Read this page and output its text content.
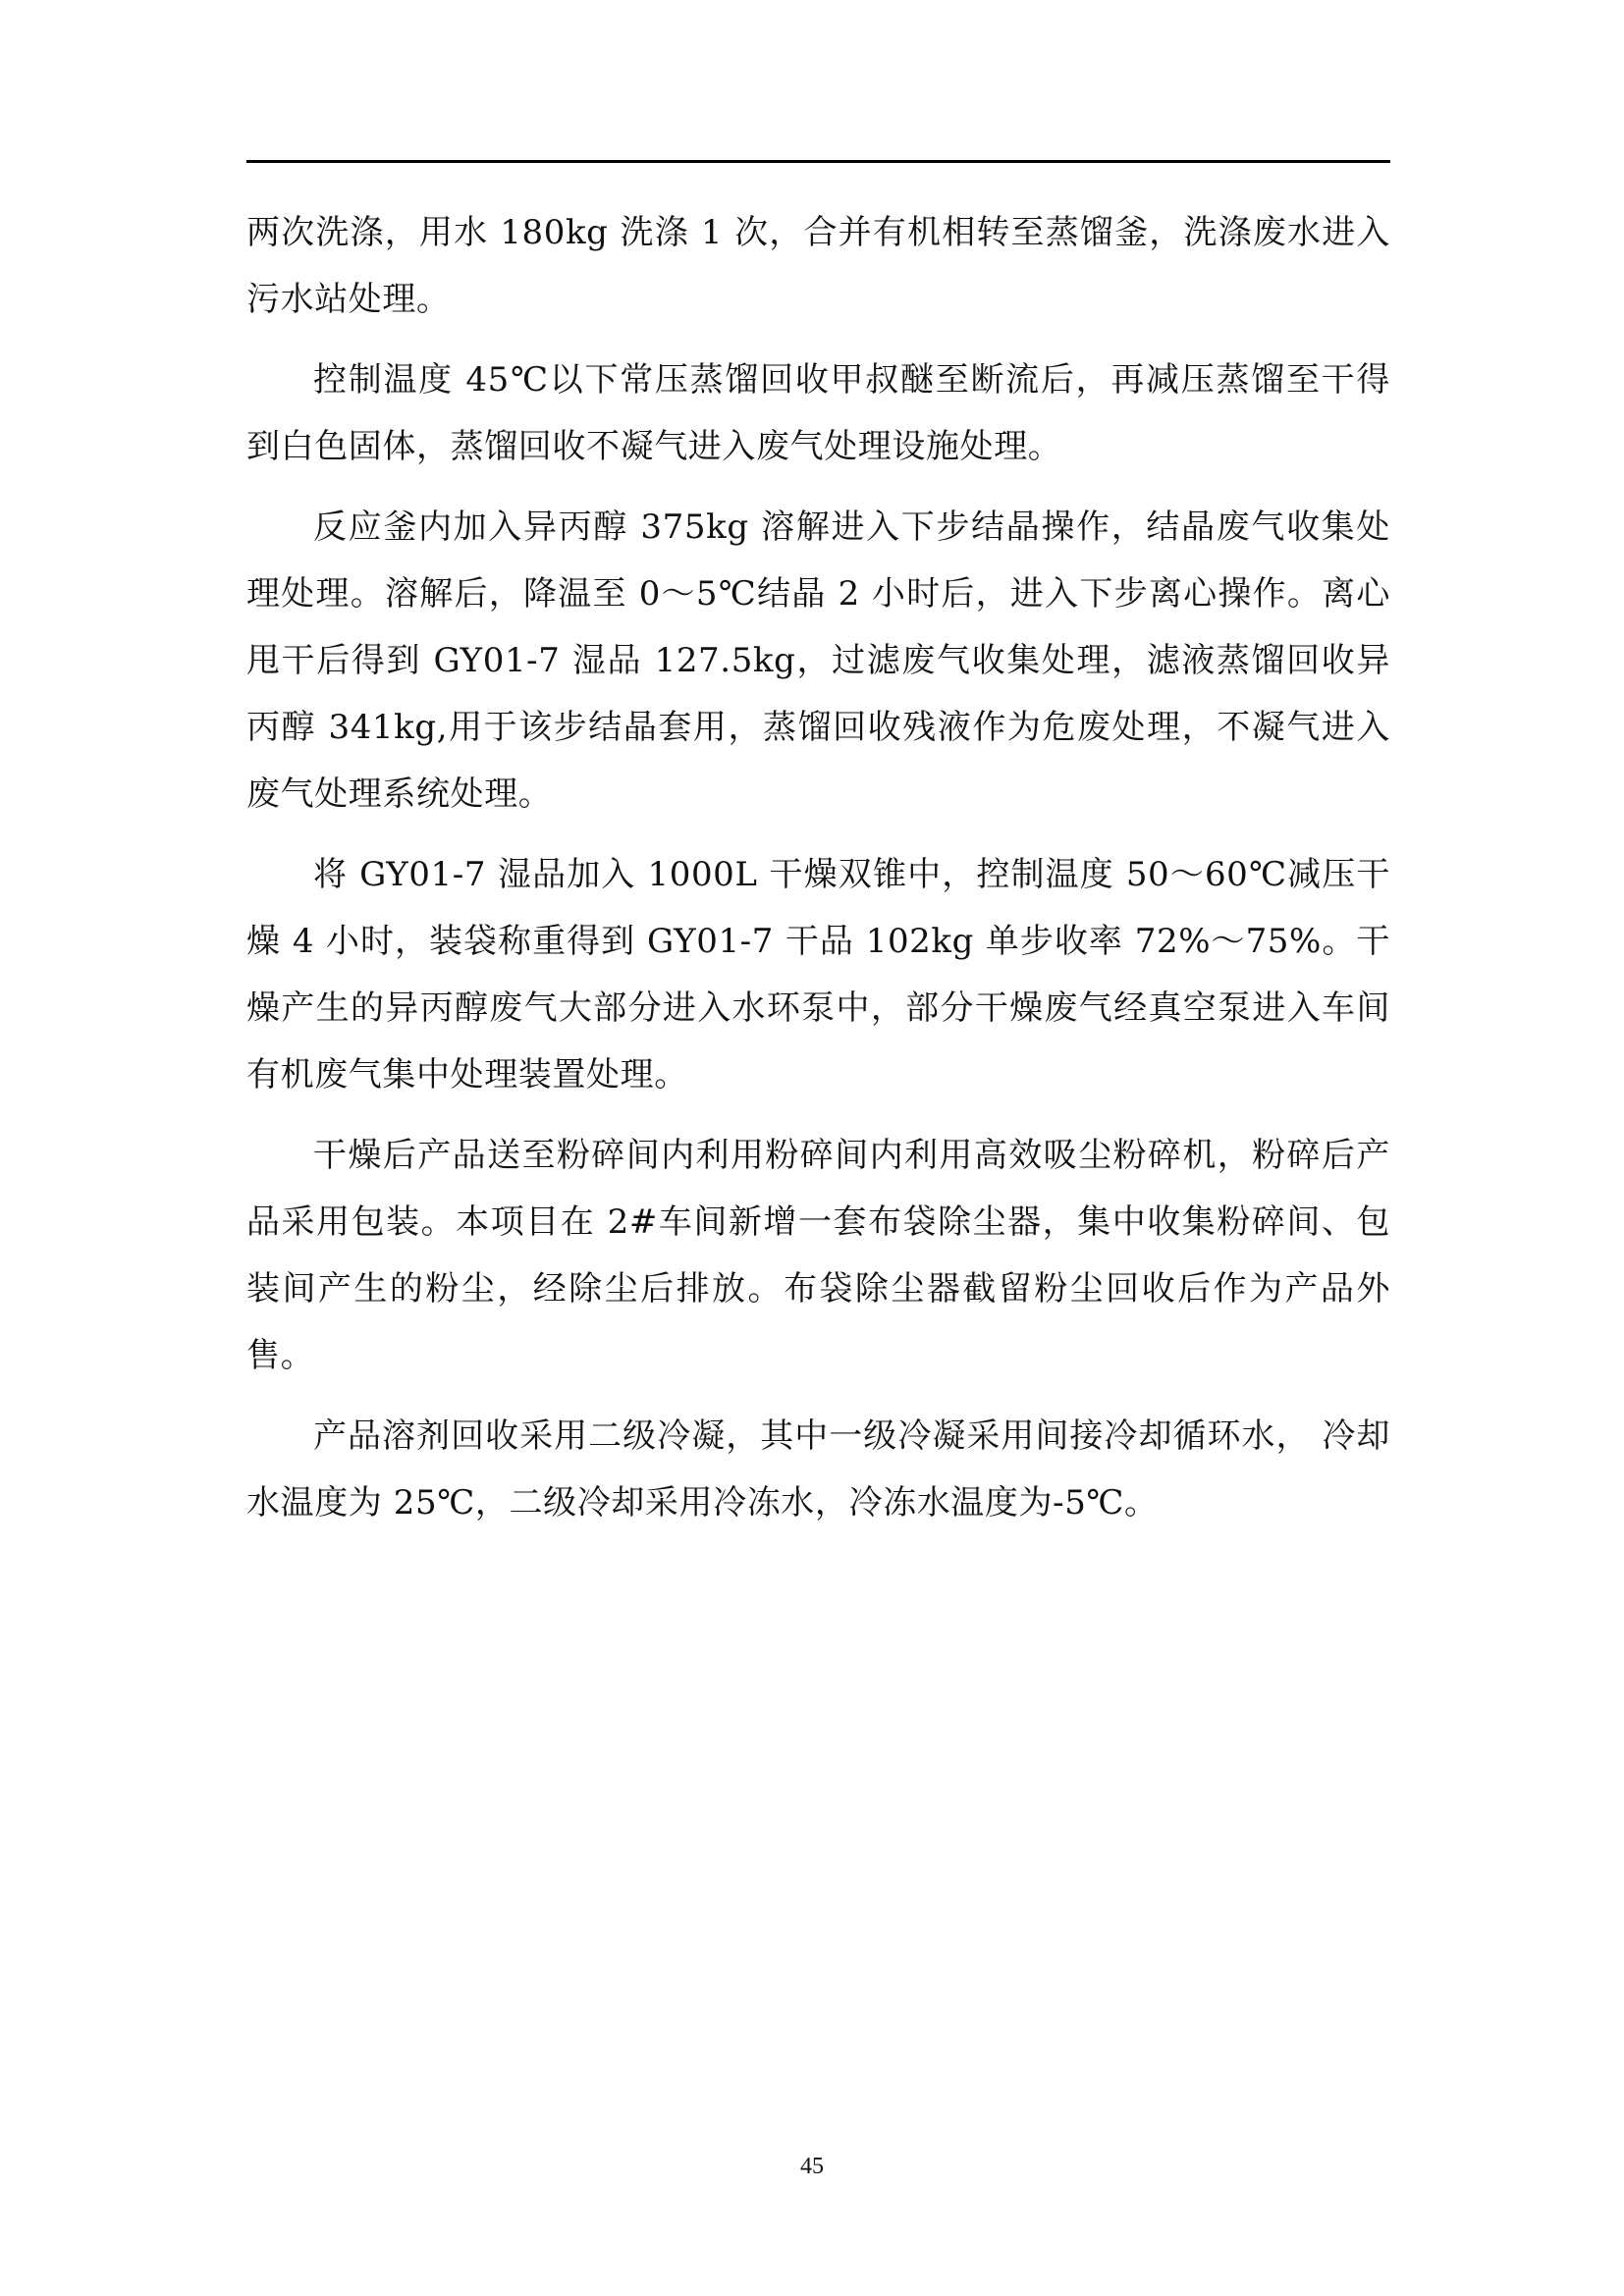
两次洗涤，用水 180kg 洗涤 1 次，合并有机相转至蒸馏釜，洗涤废水进入污水站处理。

控制温度 45℃以下常压蒸馏回收甲叔醚至断流后，再减压蒸馏至干得到白色固体，蒸馏回收不凝气进入废气处理设施处理。

反应釜内加入异丙醇 375kg 溶解进入下步结晶操作，结晶废气收集处理处理。溶解后，降温至 0～5℃结晶 2 小时后，进入下步离心操作。离心甩干后得到 GY01-7 湿品 127.5kg，过滤废气收集处理，滤液蒸馏回收异丙醇 341kg,用于该步结晶套用，蒸馏回收残液作为危废处理，不凝气进入废气处理系统处理。

将 GY01-7 湿品加入 1000L 干燥双锥中，控制温度 50～60℃减压干燥 4 小时，装袋称重得到 GY01-7 干品 102kg 单步收率 72%～75%。干燥产生的异丙醇废气大部分进入水环泵中，部分干燥废气经真空泵进入车间有机废气集中处理装置处理。

干燥后产品送至粉碎间内利用粉碎间内利用高效吸尘粉碎机，粉碎后产品采用包装。本项目在 2#车间新增一套布袋除尘器，集中收集粉碎间、包装间产生的粉尘，经除尘后排放。布袋除尘器截留粉尘回收后作为产品外售。

产品溶剂回收采用二级冷凝，其中一级冷凝采用间接冷却循环水， 冷却水温度为 25℃，二级冷却采用冷冻水，冷冻水温度为-5℃。

45
